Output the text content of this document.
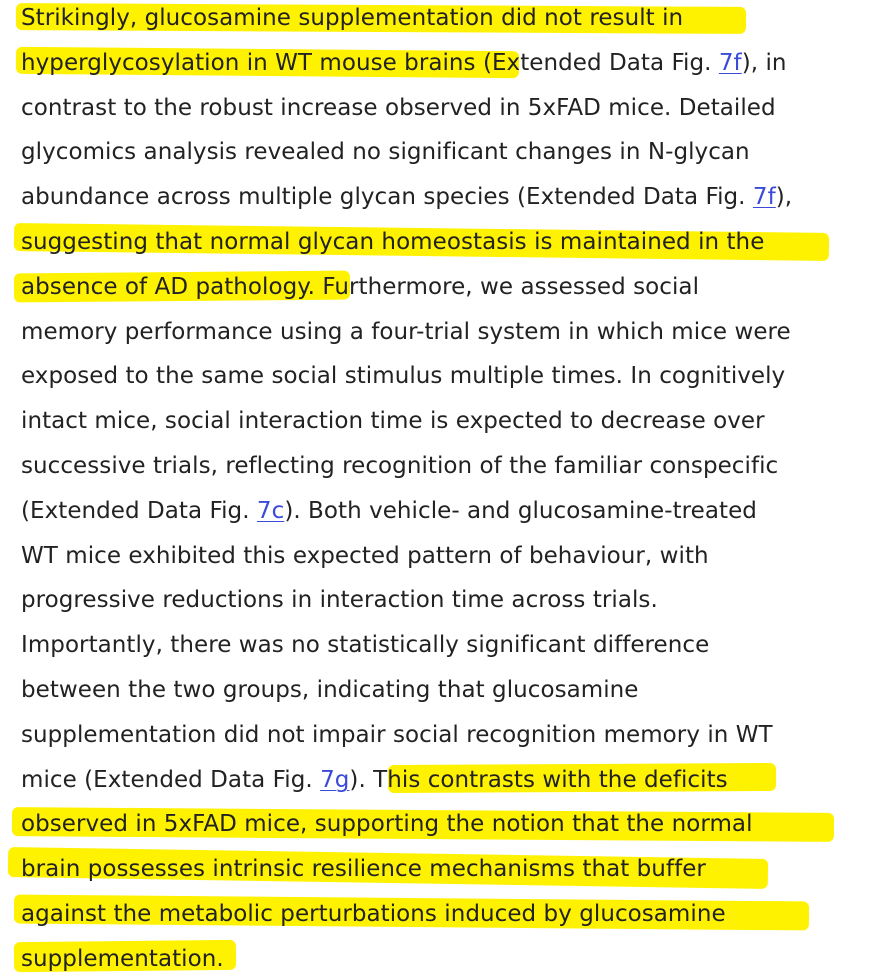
Strikingly, glucosamine supplementation did not result in
hyperglycosylation in WT mouse brains (Extended Data Fig. 7f), in
contrast to the robust increase observed in 5xFAD mice. Detailed
glycomics analysis revealed no significant changes in N-glycan
abundance across multiple glycan species (Extended Data Fig. 7f),
suggesting that normal glycan homeostasis is maintained in the
absence of AD pathology. Furthermore, we assessed social
memory performance using a four-trial system in which mice were
exposed to the same social stimulus multiple times. In cognitively
intact mice, social interaction time is expected to decrease over
successive trials, reflecting recognition of the familiar conspecific
(Extended Data Fig. 7c). Both vehicle- and glucosamine-treated
WT mice exhibited this expected pattern of behaviour, with
progressive reductions in interaction time across trials.
Importantly, there was no statistically significant difference
between the two groups, indicating that glucosamine
supplementation did not impair social recognition memory in WT
mice (Extended Data Fig. 7g). This contrasts with the deficits
observed in 5xFAD mice, supporting the notion that the normal
brain possesses intrinsic resilience mechanisms that buffer
against the metabolic perturbations induced by glucosamine
supplementation.
